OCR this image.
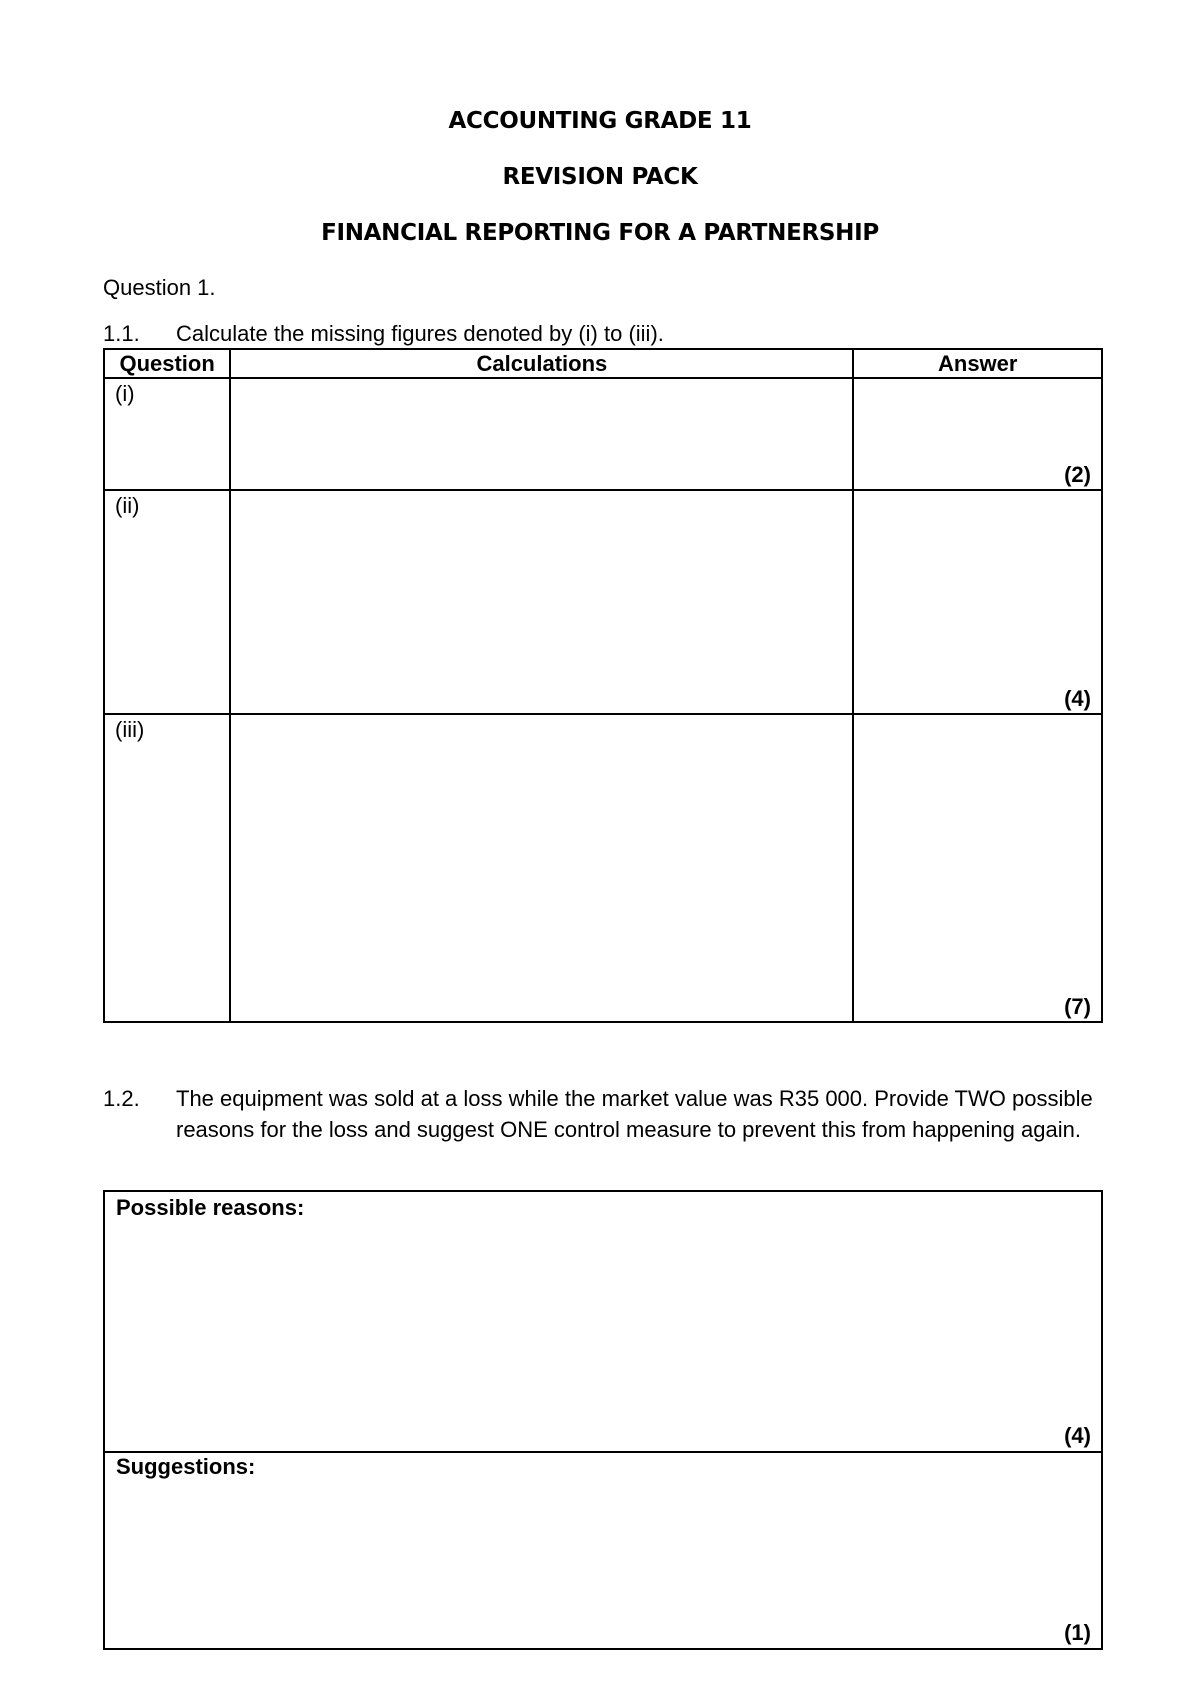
ACCOUNTING GRADE 11
REVISION PACK
FINANCIAL REPORTING FOR A PARTNERSHIP
Question 1.
1.1. Calculate the missing figures denoted by (i) to (iii).
Question	Calculations	Answer

(i)		(2)

(ii)		(4)

(iii)		(7)
1.2. The equipment was sold at a loss while the market value was R35 000. Provide TWO possible reasons for the loss and suggest ONE control measure to prevent this from happening again.
Possible reasons:
(4)
Suggestions:
(1)
